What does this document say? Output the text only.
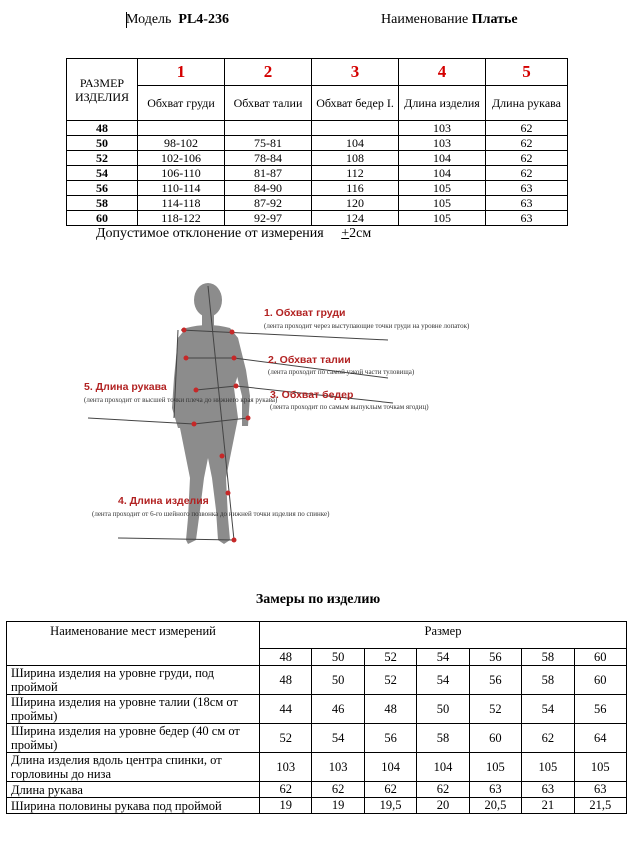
Модель PL4-236	Наименование Платье
РАЗМЕР ИЗДЕЛИЯ	1	2	3	4	5
	Обхват груди	Обхват талии	Обхват бедер I.	Длина изделия	Длина рукава
48				103	62
50	98-102	75-81	104	103	62
52	102-106	78-84	108	104	62
54	106-110	81-87	112	104	62
56	110-114	84-90	116	105	63
58	114-118	87-92	120	105	63
60	118-122	92-97	124	105	63
Допустимое отклонение от измерения +2см
1. Обхват груди
(лента проходит через выступающие точки груди на уровне лопаток)
2. Обхват талии
(лента проходит по самой узкой части туловища)
3. Обхват бедер
(лента проходит по самым выпуклым точкам ягодиц)
5. Длина рукава
(лента проходит от высшей точки плеча до нижнего края рукава)
4. Длина изделия
(лента проходит от 6-го шейного позвонка до нижней точки изделия по спинке)
Замеры по изделию
Наименование мест измерений	Размер						
	48	50	52	54	56	58	60
Ширина изделия на уровне груди, под проймой	48	50	52	54	56	58	60
Ширина изделия на уровне талии (18см от проймы)	44	46	48	50	52	54	56
Ширина изделия на уровне бедер (40 см от проймы)	52	54	56	58	60	62	64
Длина изделия вдоль центра спинки, от горловины до низа	103	103	104	104	105	105	105
Длина рукава	62	62	62	62	63	63	63
Ширина половины рукава под проймой	19	19	19,5	20	20,5	21	21,5
